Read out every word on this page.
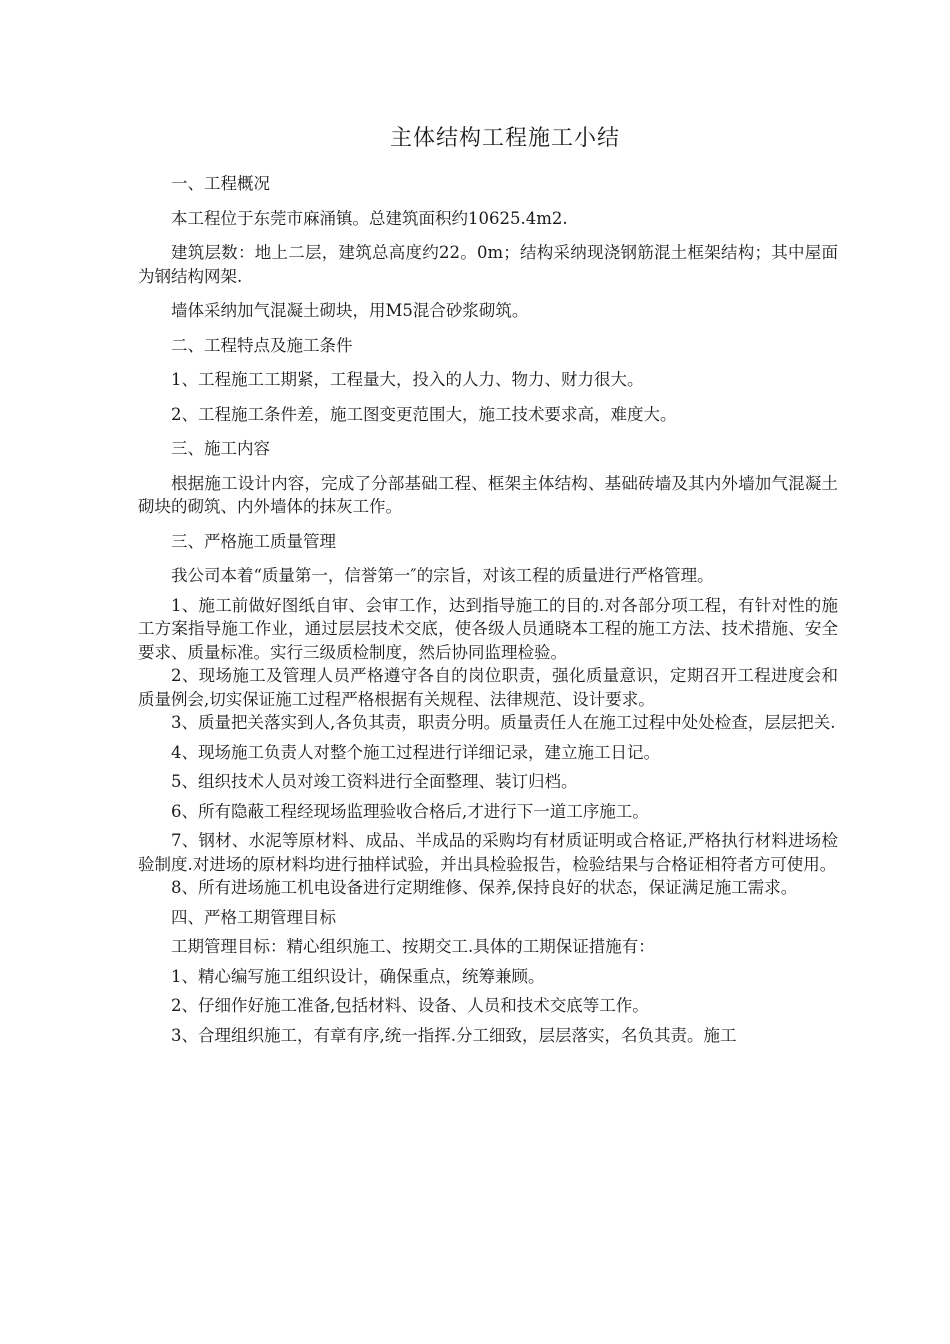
主体结构工程施工小结

一、工程概况

本工程位于东莞市麻涌镇。总建筑面积约10625.4m2.

建筑层数：地上二层，建筑总高度约22。0m；结构采纳现浇钢筋混土框架结构；其中屋面为钢结构网架.

墙体采纳加气混凝土砌块，用M5混合砂浆砌筑。

二、工程特点及施工条件

1、工程施工工期紧，工程量大，投入的人力、物力、财力很大。

2、工程施工条件差，施工图变更范围大，施工技术要求高，难度大。

三、施工内容

根据施工设计内容，完成了分部基础工程、框架主体结构、基础砖墙及其内外墙加气混凝土砌块的砌筑、内外墙体的抹灰工作。

三、严格施工质量管理

我公司本着“质量第一，信誉第一″的宗旨，对该工程的质量进行严格管理。

1、施工前做好图纸自审、会审工作，达到指导施工的目的.对各部分项工程，有针对性的施工方案指导施工作业，通过层层技术交底，使各级人员通晓本工程的施工方法、技术措施、安全要求、质量标准。实行三级质检制度，然后协同监理检验。

2、现场施工及管理人员严格遵守各自的岗位职责，强化质量意识，定期召开工程进度会和质量例会,切实保证施工过程严格根据有关规程、法律规范、设计要求。

3、质量把关落实到人,各负其责，职责分明。质量责任人在施工过程中处处检查，层层把关.

4、现场施工负责人对整个施工过程进行详细记录，建立施工日记。

5、组织技术人员对竣工资料进行全面整理、装订归档。

6、所有隐蔽工程经现场监理验收合格后,才进行下一道工序施工。

7、钢材、水泥等原材料、成品、半成品的采购均有材质证明或合格证,严格执行材料进场检验制度.对进场的原材料均进行抽样试验，并出具检验报告，检验结果与合格证相符者方可使用。

8、所有进场施工机电设备进行定期维修、保养,保持良好的状态，保证满足施工需求。

四、严格工期管理目标

工期管理目标：精心组织施工、按期交工.具体的工期保证措施有：

1、精心编写施工组织设计，确保重点，统筹兼顾。

2、仔细作好施工准备,包括材料、设备、人员和技术交底等工作。

3、合理组织施工，有章有序,统一指挥.分工细致，层层落实，名负其责。施工
